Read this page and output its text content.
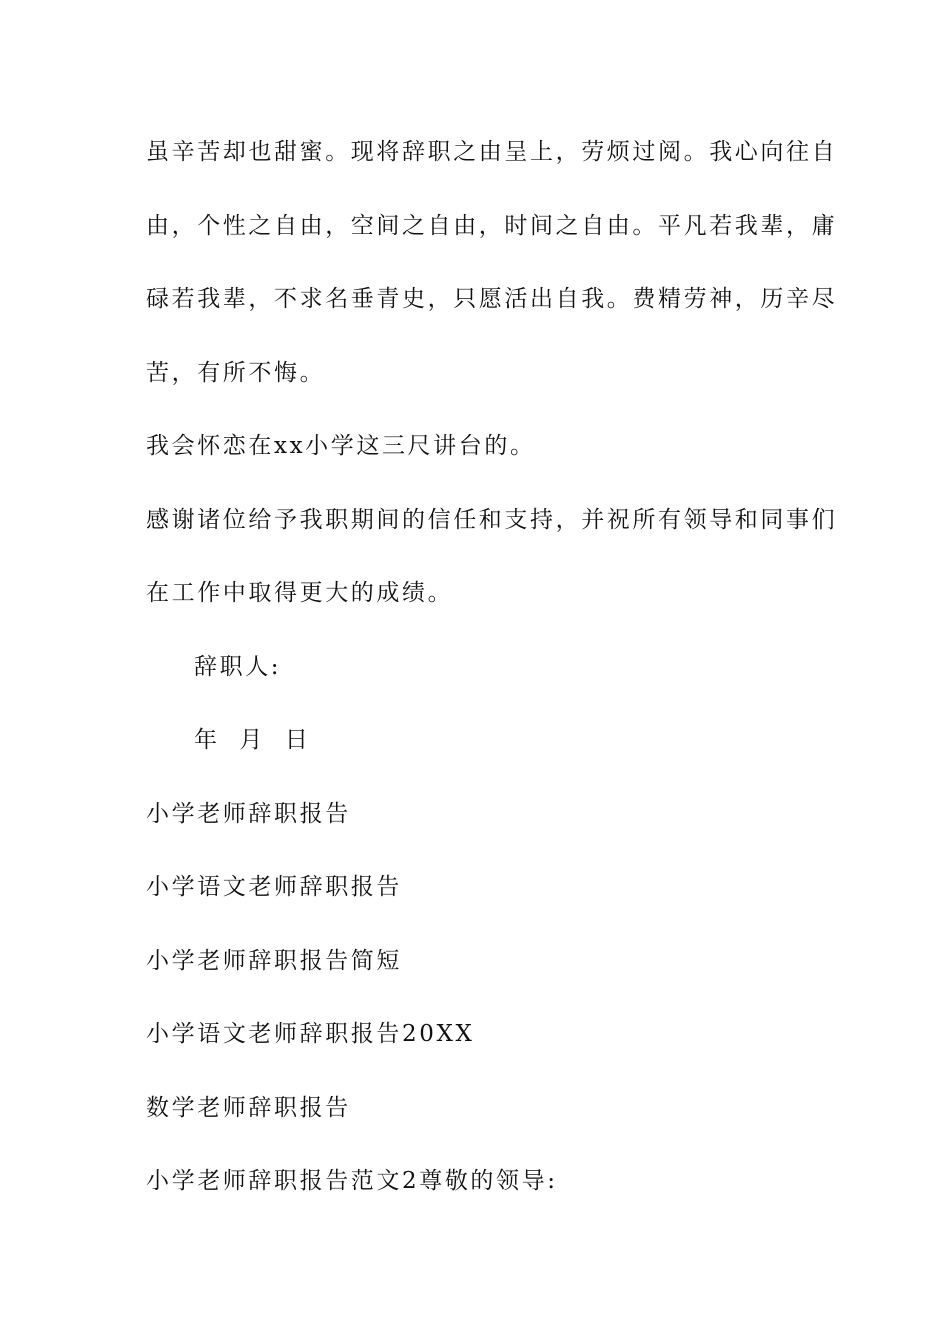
虽辛苦却也甜蜜。现将辞职之由呈上，劳烦过阅。我心向往自

由，个性之自由，空间之自由，时间之自由。平凡若我辈，庸

碌若我辈，不求名垂青史，只愿活出自我。费精劳神，历辛尽

苦，有所不悔。

我会怀恋在xx小学这三尺讲台的。

感谢诸位给予我职期间的信任和支持，并祝所有领导和同事们

在工作中取得更大的成绩。

辞职人:

年  月  日

小学老师辞职报告

小学语文老师辞职报告

小学老师辞职报告简短

小学语文老师辞职报告20XX

数学老师辞职报告

小学老师辞职报告范文2尊敬的领导:
